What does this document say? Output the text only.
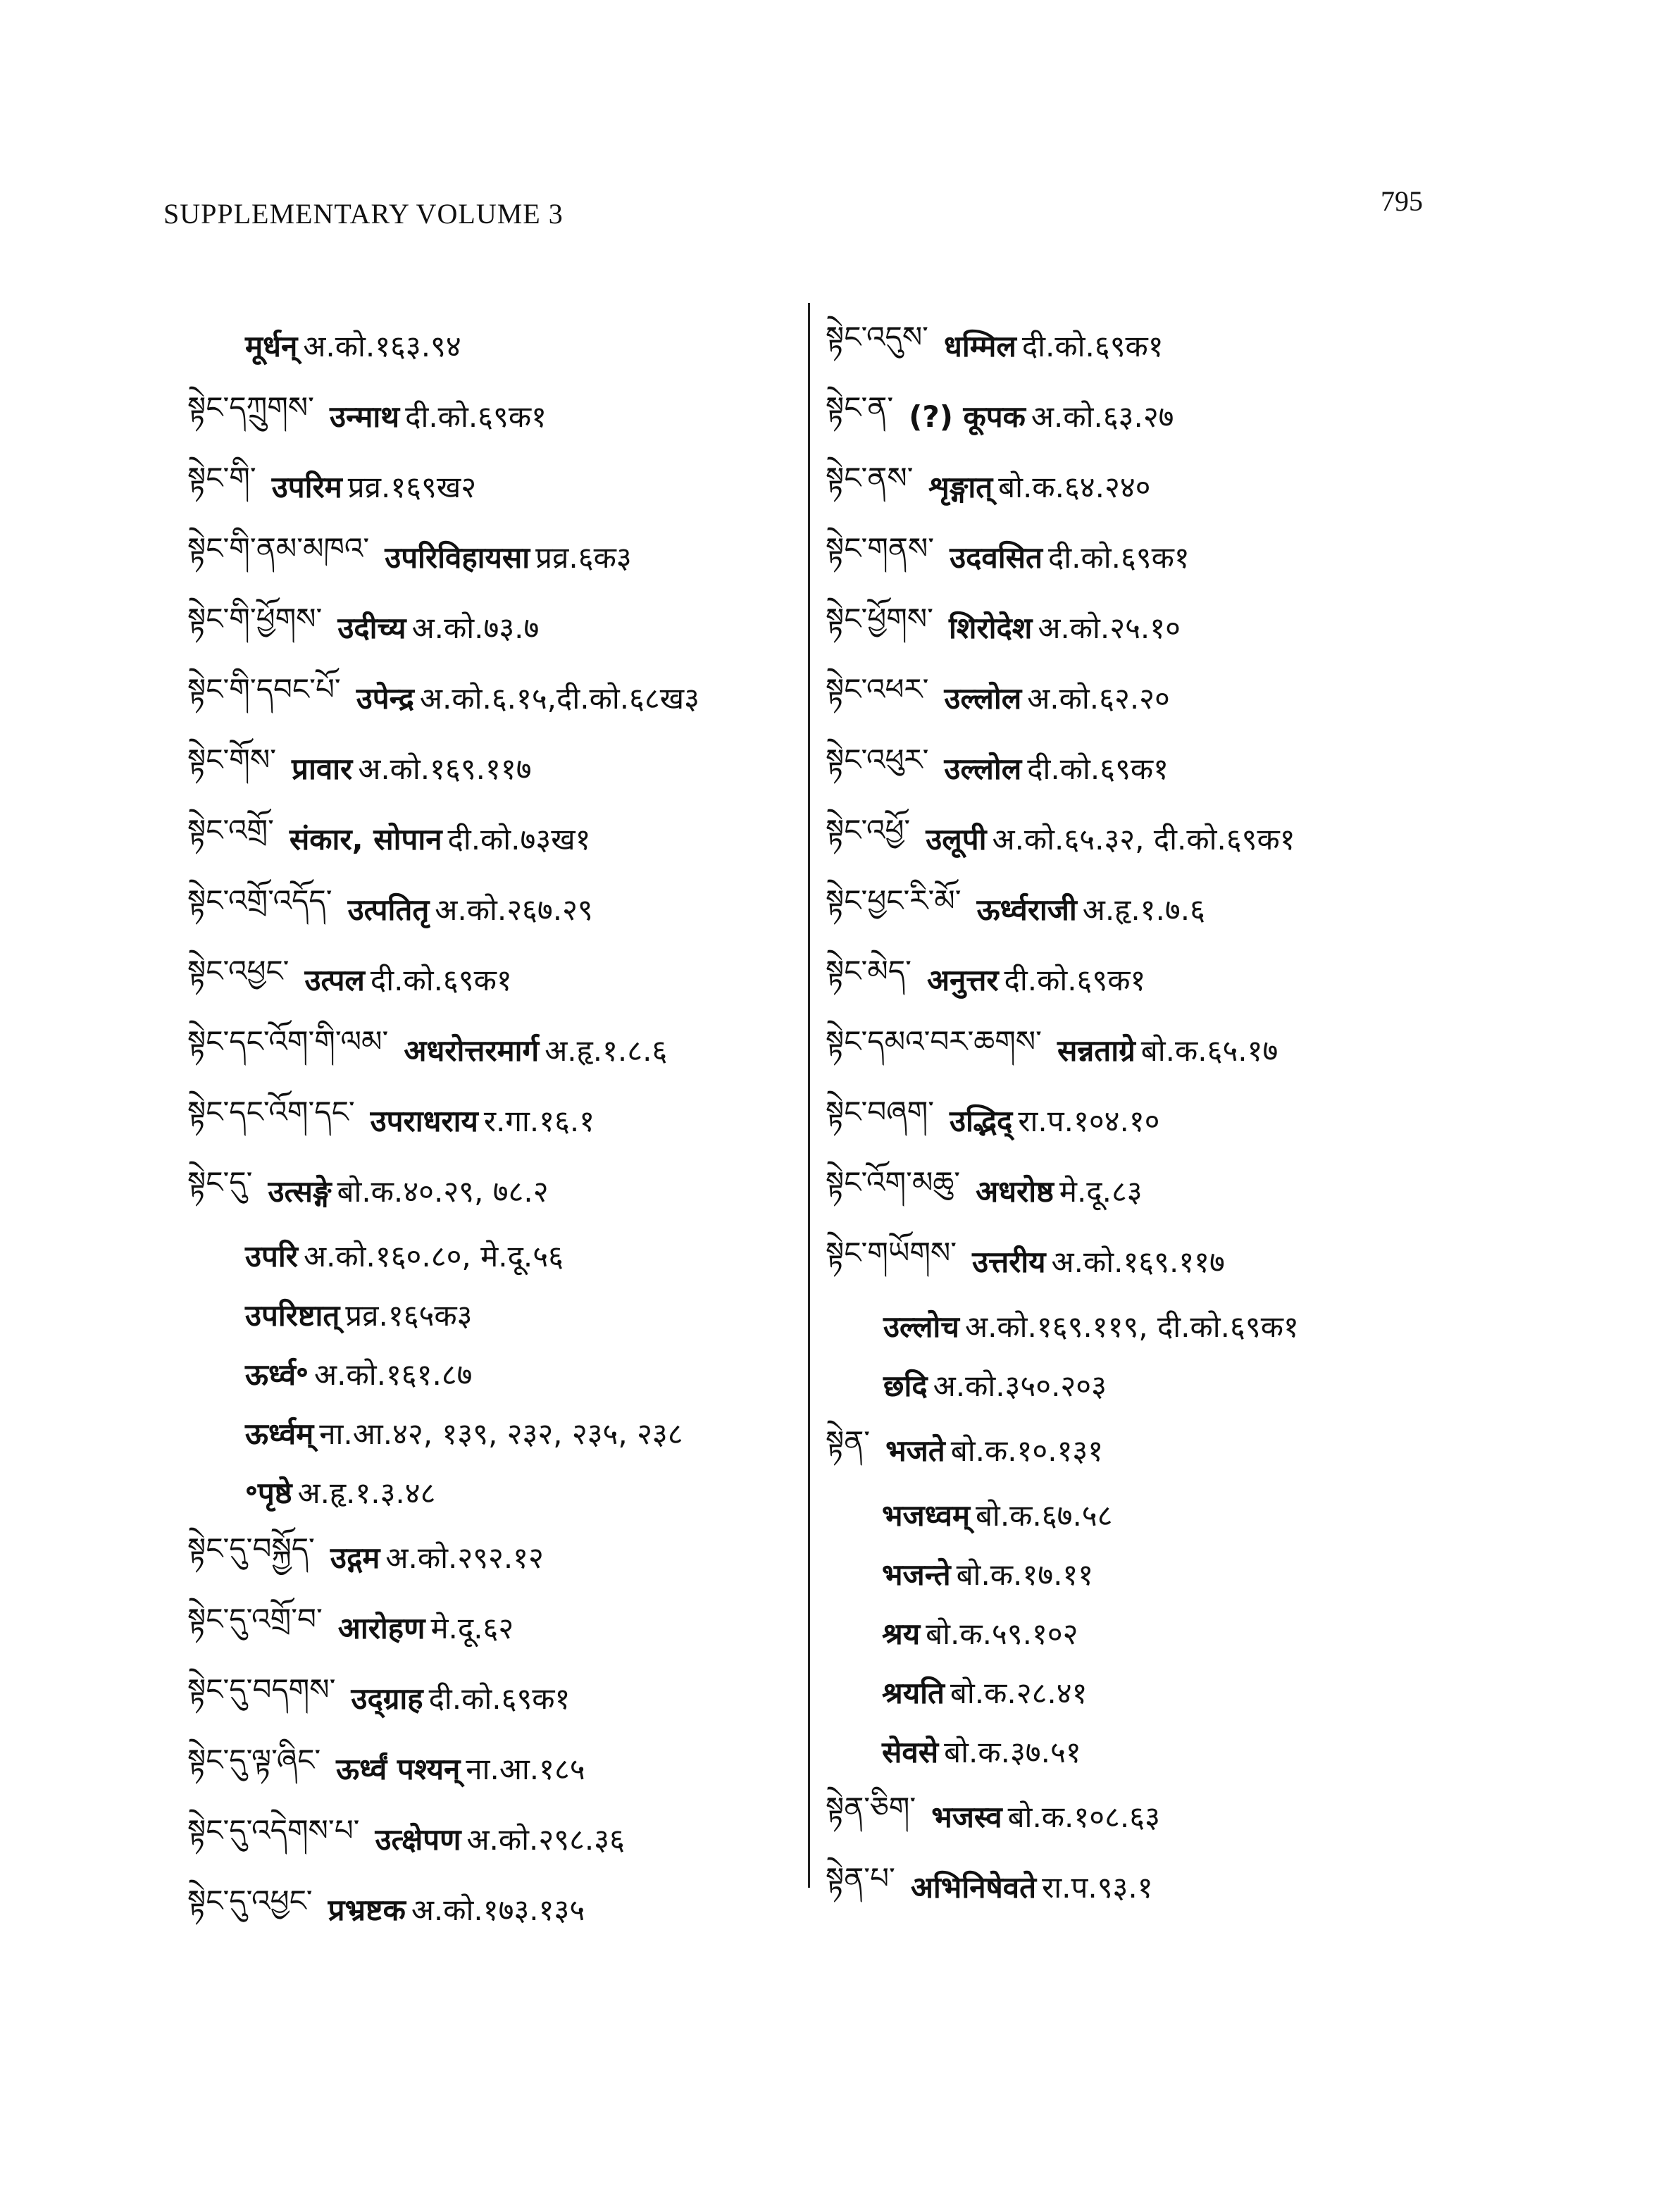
SUPPLEMENTARY VOLUME 3	795
मूर्धन् अ.को.१६३.९४
སྟེང་དཀྲུགས་ उन्माथ दी.को.६९क१
སྟེང་གི་ उपरिम प्रव्र.१६९ख२
སྟེང་གི་ནམ་མཁའ་ उपरिविहायसा प्रव्र.६क३
སྟེང་གི་ཕྱོགས་ उदीच्य अ.को.७३.७
སྟེང་གི་དབང་པོ་ उपेन्द्र अ.को.६.१५,दी.को.६८ख३
སྟེང་གོས་ प्रावार अ.को.१६९.११७
སྟེང་འགྲོ་ संकार, सोपान दी.को.७३ख१
སྟེང་འགྲོ་འདོད་ उत्पतितृ अ.को.२६७.२९
སྟེང་འཕྱང་ उत्पल दी.को.६९क१
སྟེང་དང་འོག་གི་ལམ་ अधरोत्तरमार्ग अ.हृ.१.८.६
སྟེང་དང་འོག་དང་ उपराधराय र.गा.१६.१
སྟེང་དུ་ उत्सङ्गे बो.क.४०.२९, ७८.२
उपरि अ.को.१६०.८०, मे.दू.५६
उपरिष्टात् प्रव्र.१६५क३
ऊर्ध्व॰ अ.को.१६१.८७
ऊर्ध्वम् ना.आ.४२, १३९, २३२, २३५, २३८
॰पृष्ठे अ.हृ.१.३.४८
སྟེང་དུ་བསྐྱོད་ उद्गम अ.को.२९२.१२
སྟེང་དུ་འགྲོ་བ་ आरोहण मे.दू.६२
སྟེང་དུ་བདགས་ उद्ग्राह दी.को.६९क१
སྟེང་དུ་ལྟ་ཞིང་ ऊर्ध्वं पश्यन् ना.आ.१८५
སྟེང་དུ་འདེགས་པ་ उत्क्षेपण अ.को.२९८.३६
སྟེང་དུ་འཕྱང་ प्रभ्रष्टक अ.को.१७३.१३५
སྟེང་འདུས་ धम्मिल दी.को.६९क१
སྟེང་ན་ (?) कूपक अ.को.६३.२७
སྟེང་ནས་ शृङ्गात् बो.क.६४.२४०
སྟེང་གནས་ उदवसित दी.को.६९क१
སྟེང་ཕྱོགས་ शिरोदेश अ.को.२५.१०
སྟེང་འཕར་ उल्लोल अ.को.६२.२०
སྟེང་འཕུར་ उल्लोल दी.को.६९क१
སྟེང་འཕྱོ་ उलूपी अ.को.६५.३२, दी.को.६९क१
སྟེང་ཕྱང་རི་མོ་ ऊर्ध्वराजी अ.हृ.१.७.६
སྟེང་མེད་ अनुत्तर दी.को.६९क१
སྟེང་དམའ་བར་ཆགས་ सन्नताग्रे बो.क.६५.१७
སྟེང་བཞག་ उद्भिद् रा.प.१०४.१०
སྟེང་འོག་མཆུ་ अधरोष्ठ मे.दू.८३
སྟེང་གཡོགས་ उत्तरीय अ.को.१६९.११७
उल्लोच अ.को.१६९.११९, दी.को.६९क१
छदि अ.को.३५०.२०३
སྟེན་ भजते बो.क.१०.१३१
भजध्वम् बो.क.६७.५८
भजन्ते बो.क.१७.११
श्रय बो.क.५९.१०२
श्रयति बो.क.२८.४१
सेवसे बो.क.३७.५१
སྟེན་ཅིག་ भजस्व बो.क.१०८.६३
སྟེན་པ་ अभिनिषेवते रा.प.९३.१
